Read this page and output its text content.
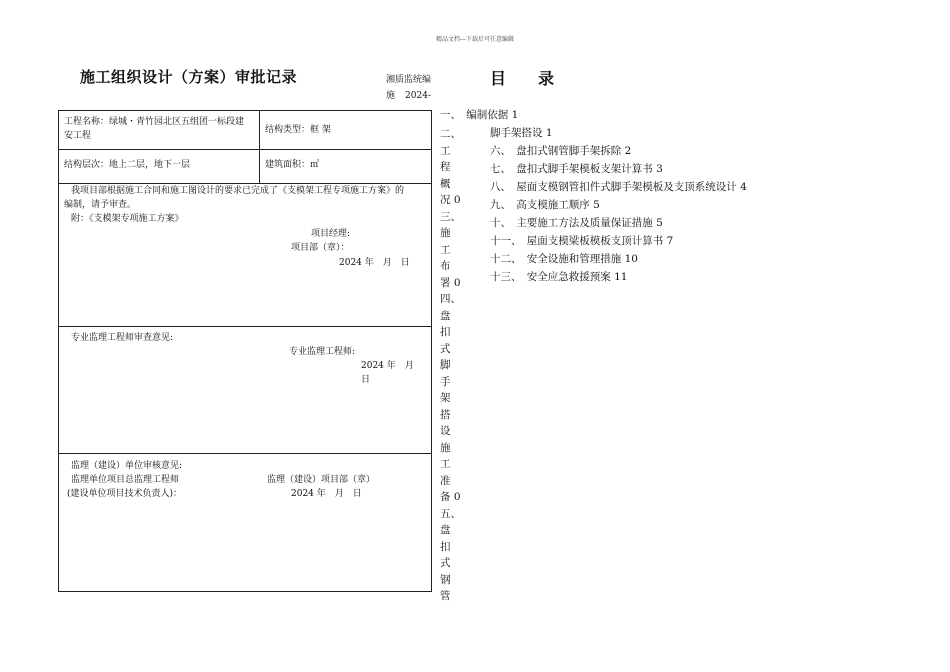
精品文档---下载后可任意编辑
施工组织设计（方案）审批记录	湘质监统编
施 2024-
目录
工程名称：绿城・青竹园北区五组团一标段建
安工程
结构类型：框 架
结构层次：地上二层，地下一层	建筑面积：㎡
我项目部根据施工合同和施工图设计的要求已完成了《支模架工程专项施工方案》的
编制，请予审查。
附：《支模架专项施工方案》
项目经理:
项目部（章）：
2024 年　月　日
专业监理工程师审查意见:
专业监理工程师:
2024 年　月　日
监理（建设）单位审核意见:
监理单位项目总监理工程师	监理（建设）项目部（章）
(建设单位项目技术负责人)：	2024 年　月　日
一、　编制依据 1
二、
工
程
概
况 0
三、
施
工
布
署 0
四、
盘
扣
式
脚
手
架
搭
设
施
工
准
备 0
五、
盘
扣
式
钢
管
脚手架搭设 1
六、　盘扣式钢管脚手架拆除 2
七、　盘扣式脚手架模板支架计算书 3
八、　屋面支模钢管扣件式脚手架模板及支顶系统设计 4
九、　高支模施工顺序 5
十、　主要施工方法及质量保证措施 5
十一、　屋面支模梁板模板支顶计算书 7
十二、　安全设施和管理措施 10
十三、　安全应急救援预案 11
